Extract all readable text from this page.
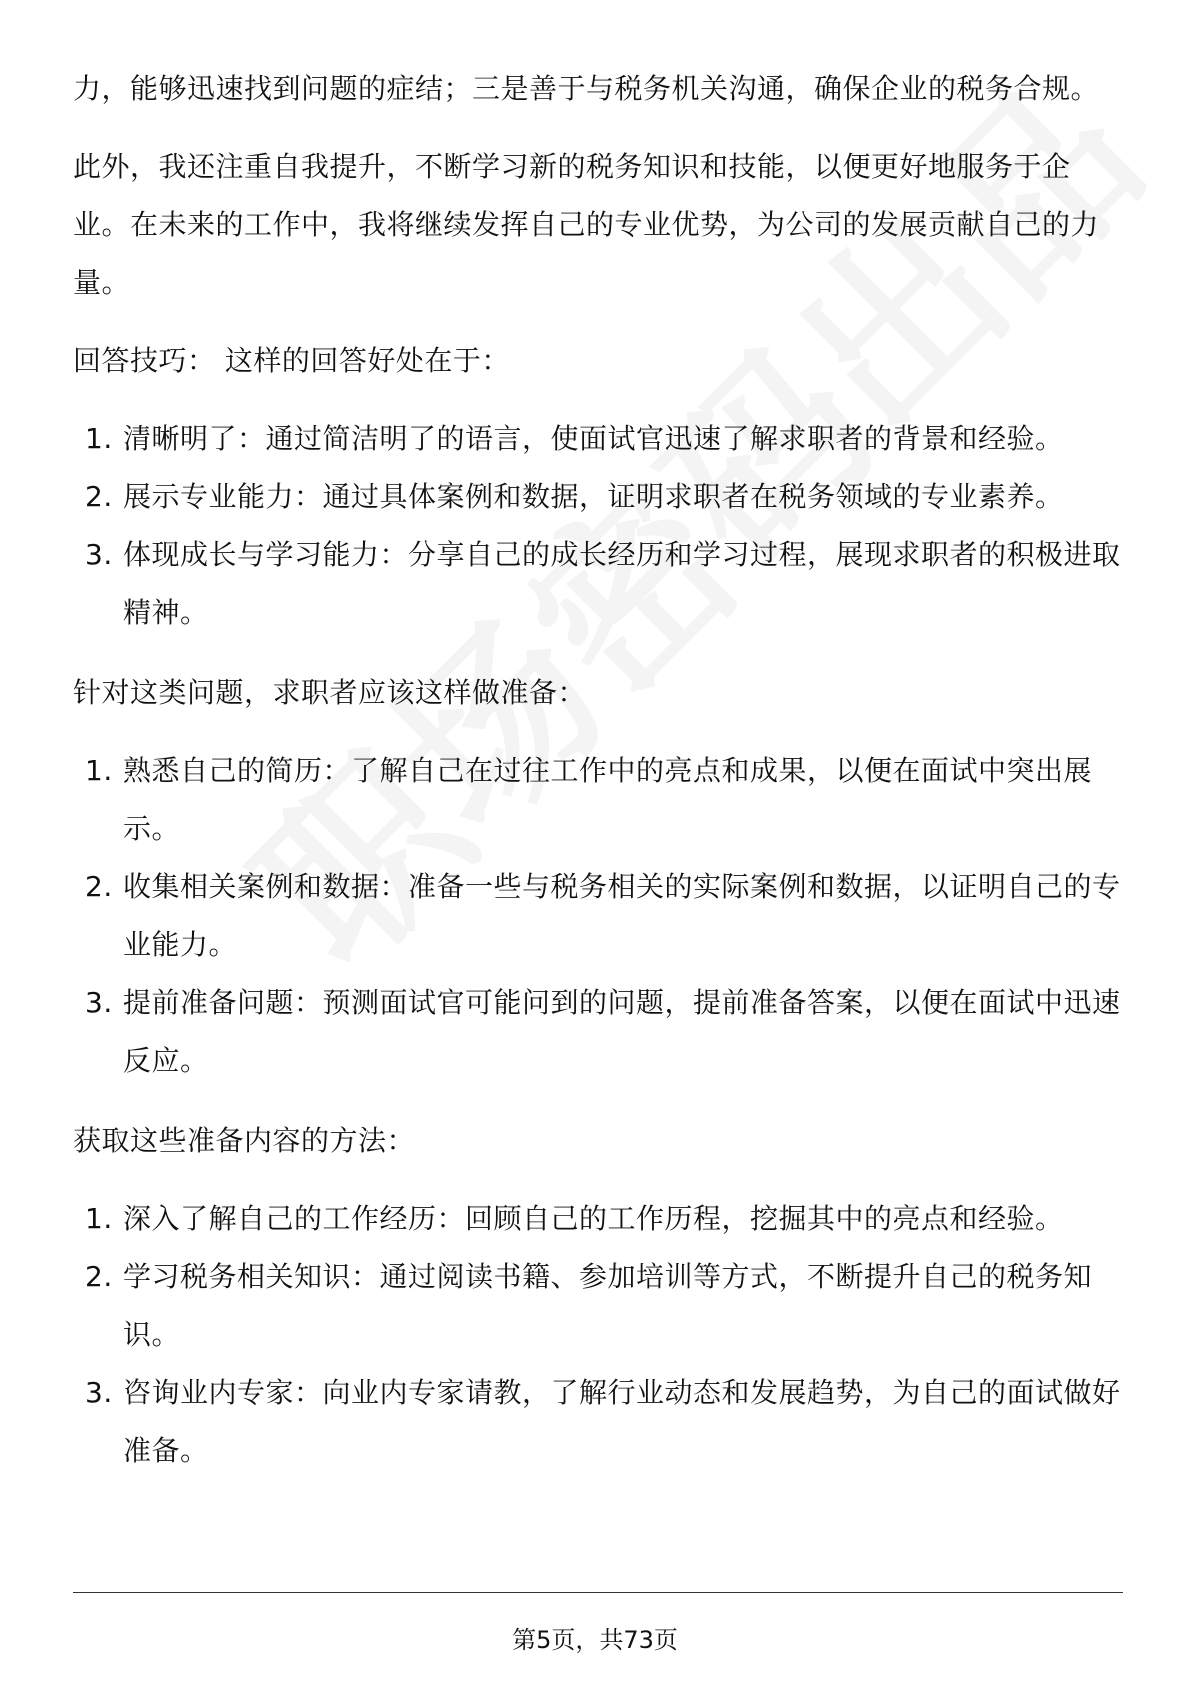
力，能够迅速找到问题的症结；三是善于与税务机关沟通，确保企业的税务合规。

此外，我还注重自我提升，不断学习新的税务知识和技能，以便更好地服务于企业。在未来的工作中，我将继续发挥自己的专业优势，为公司的发展贡献自己的力量。

回答技巧： 这样的回答好处在于：

1. 清晰明了：通过简洁明了的语言，使面试官迅速了解求职者的背景和经验。
2. 展示专业能力：通过具体案例和数据，证明求职者在税务领域的专业素养。
3. 体现成长与学习能力：分享自己的成长经历和学习过程，展现求职者的积极进取精神。

针对这类问题，求职者应该这样做准备：

1. 熟悉自己的简历：了解自己在过往工作中的亮点和成果，以便在面试中突出展示。
2. 收集相关案例和数据：准备一些与税务相关的实际案例和数据，以证明自己的专业能力。
3. 提前准备问题：预测面试官可能问到的问题，提前准备答案，以便在面试中迅速反应。

获取这些准备内容的方法：

1. 深入了解自己的工作经历：回顾自己的工作历程，挖掘其中的亮点和经验。
2. 学习税务相关知识：通过阅读书籍、参加培训等方式，不断提升自己的税务知识。
3. 咨询业内专家：向业内专家请教，了解行业动态和发展趋势，为自己的面试做好准备。
第5页，共73页
